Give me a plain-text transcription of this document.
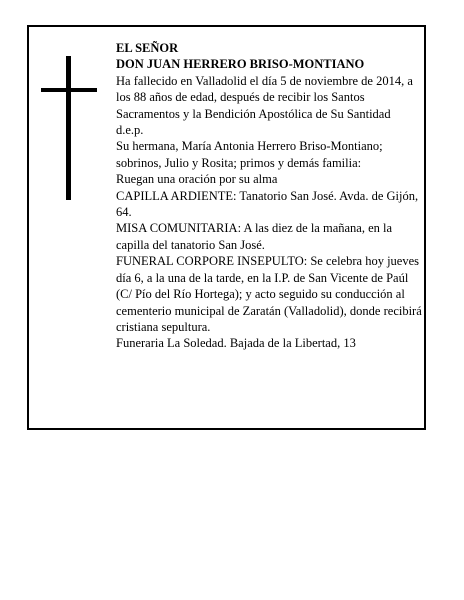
EL SEÑOR

DON JUAN HERRERO BRISO-MONTIANO

Ha fallecido en Valladolid el día 5 de noviembre de 2014, a los 88 años de edad, después de recibir los Santos Sacramentos y la Bendición Apostólica de Su Santidad

d.e.p.

Su hermana, María Antonia Herrero Briso-Montiano; sobrinos, Julio y Rosita; primos y demás familia:

Ruegan una oración por su alma

CAPILLA ARDIENTE: Tanatorio San José. Avda. de Gijón, 64.

MISA COMUNITARIA: A las diez de la mañana, en la capilla del tanatorio San José.

FUNERAL CORPORE INSEPULTO: Se celebra hoy jueves día 6, a la una de la tarde, en la I.P. de San Vicente de Paúl (C/ Pío del Río Hortega); y acto seguido su conducción al cementerio municipal de Zaratán (Valladolid), donde recibirá cristiana sepultura.

Funeraria La Soledad. Bajada de la Libertad, 13
